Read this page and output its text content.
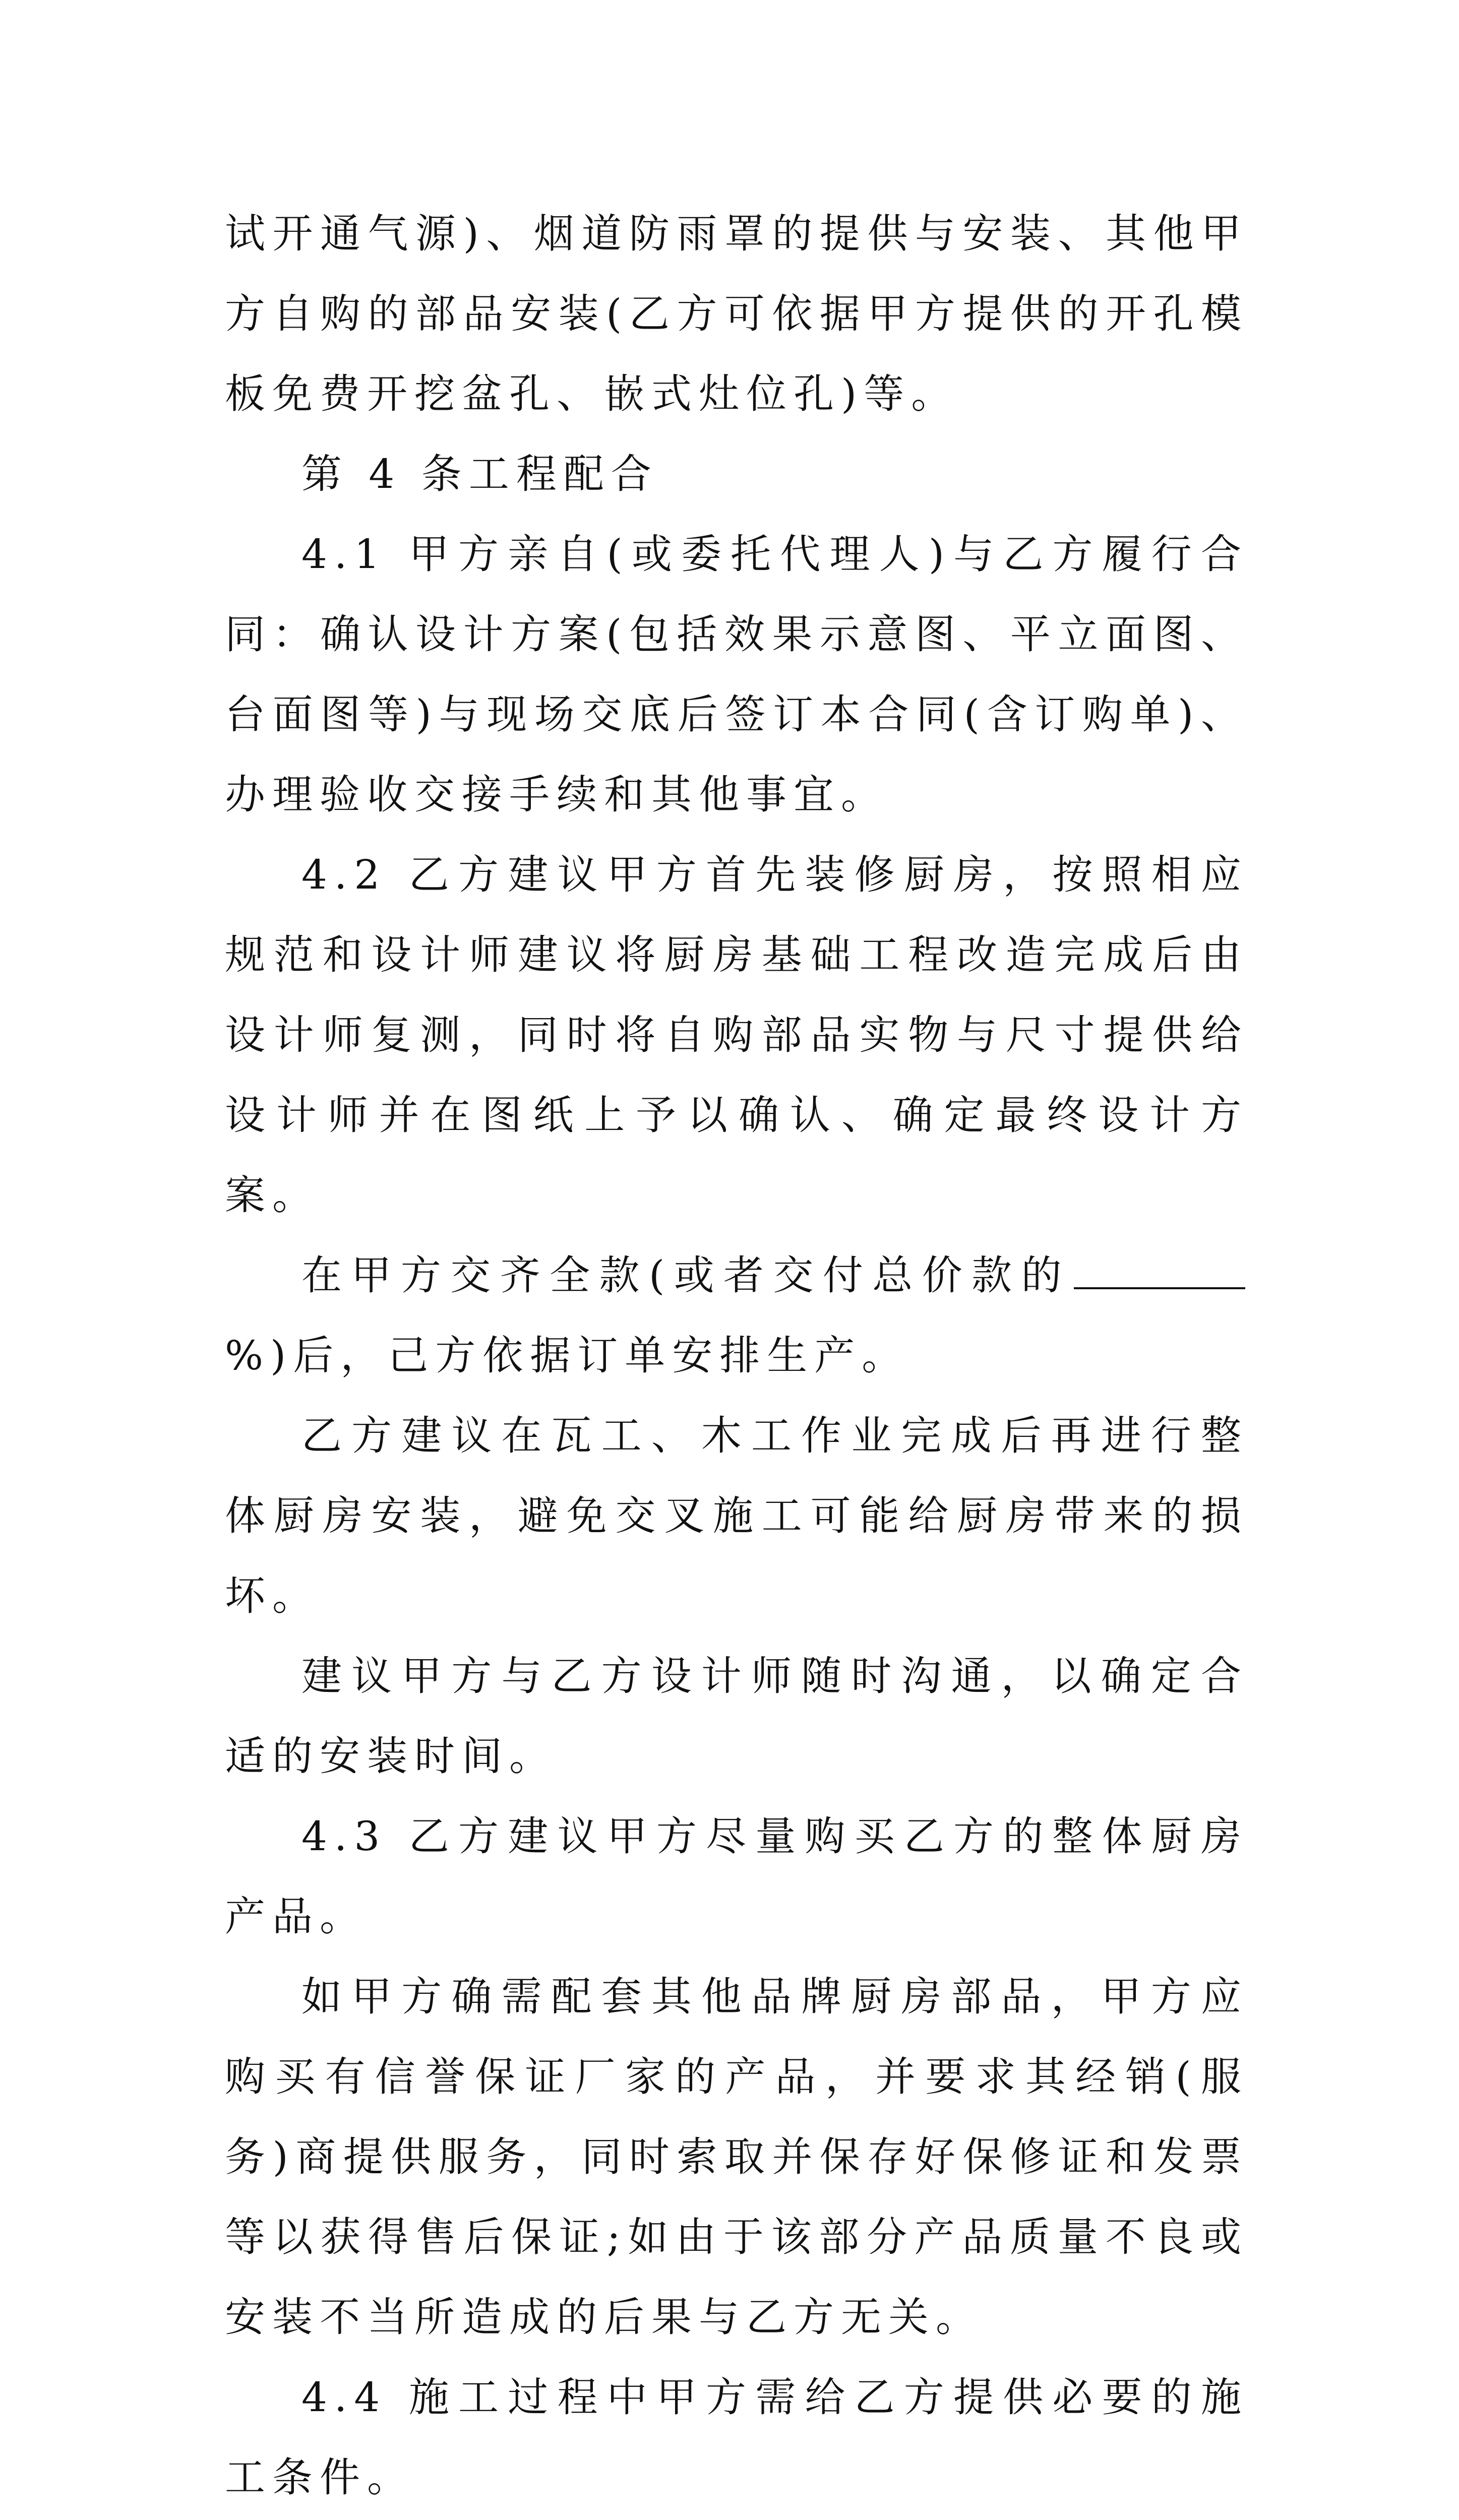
试开通气源)、烟道防雨罩的提供与安装、其他甲方自购的部品安装(乙方可依据甲方提供的开孔模板免费开挖盆孔、嵌式灶位孔)等。

第 4 条工程配合

4.1 甲方亲自(或委托代理人)与乙方履行合同：确认设计方案(包括效果示意图、平立面图、台面图等)与现场交底后签订本合同(含订购单)、办理验收交接手续和其他事宜。

4.2 乙方建议甲方首先装修厨房，按照相应规范和设计师建议将厨房基础工程改造完成后由设计师复测，同时将自购部品实物与尺寸提供给设计师并在图纸上予以确认、确定最终设计方案。

在甲方交齐全款(或者交付总价款的%)后，己方依据订单安排生产。

乙方建议在瓦工、木工作业完成后再进行整体厨房安装，避免交叉施工可能给厨房带来的损坏。

建议甲方与乙方设计师随时沟通，以确定合适的安装时间。

4.3 乙方建议甲方尽量购买乙方的整体厨房产品。

如甲方确需配套其他品牌厨房部品，甲方应购买有信誉保证厂家的产品，并要求其经销(服务)商提供服务，同时索取并保存好保修证和发票等以获得售后保证;如由于该部分产品质量不良或安装不当所造成的后果与乙方无关。

4.4 施工过程中甲方需给乙方提供必要的施工条件。
